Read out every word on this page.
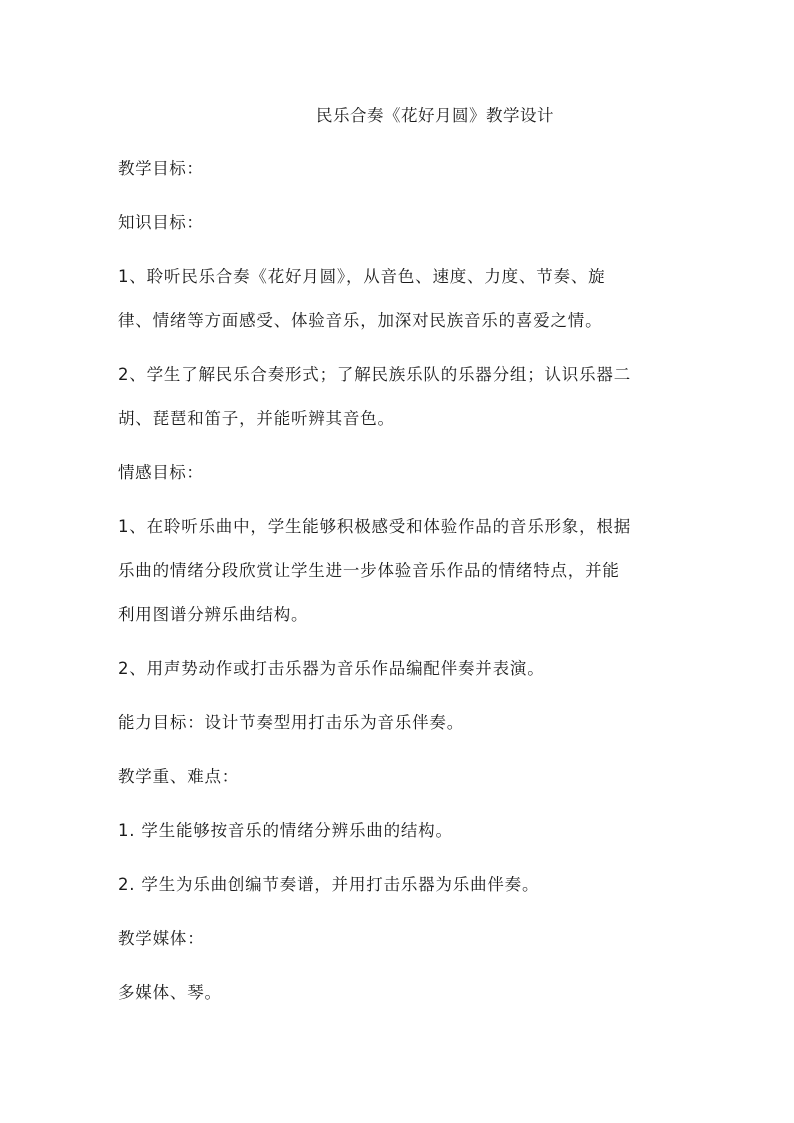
民乐合奏《花好月圆》教学设计
教学目标：
知识目标：
1、聆听民乐合奏《花好月圆》，从音色、速度、力度、节奏、旋
律、情绪等方面感受、体验音乐，加深对民族音乐的喜爱之情。
2、学生了解民乐合奏形式；了解民族乐队的乐器分组；认识乐器二
胡、琵琶和笛子，并能听辨其音色。
情感目标：
1、在聆听乐曲中，学生能够积极感受和体验作品的音乐形象，根据
乐曲的情绪分段欣赏让学生进一步体验音乐作品的情绪特点，并能
利用图谱分辨乐曲结构。
2、用声势动作或打击乐器为音乐作品编配伴奏并表演。
能力目标：设计节奏型用打击乐为音乐伴奏。
教学重、难点：
1. 学生能够按音乐的情绪分辨乐曲的结构。
2. 学生为乐曲创编节奏谱，并用打击乐器为乐曲伴奏。
教学媒体：
多媒体、琴。
